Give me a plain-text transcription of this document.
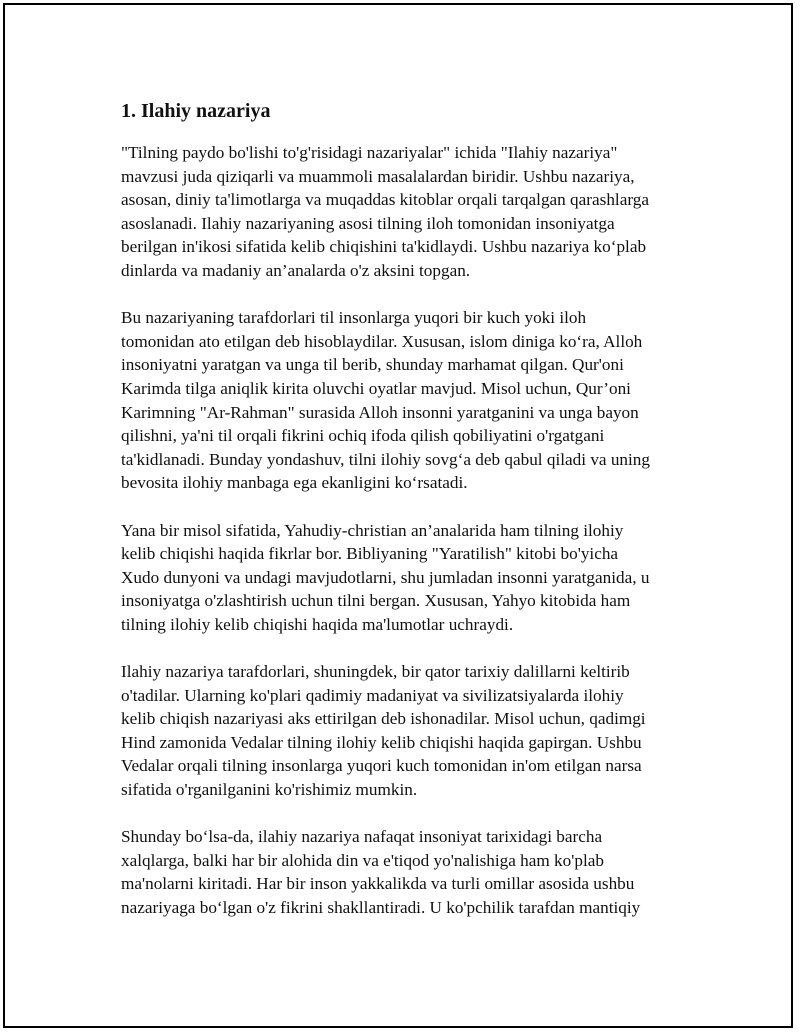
1. Ilahiy nazariya

"Tilning paydo bo'lishi to'g'risidagi nazariyalar" ichida "Ilahiy nazariya"
mavzusi juda qiziqarli va muammoli masalalardan biridir. Ushbu nazariya,
asosan, diniy ta'limotlarga va muqaddas kitoblar orqali tarqalgan qarashlarga
asoslanadi. Ilahiy nazariyaning asosi tilning iloh tomonidan insoniyatga
berilgan in'ikosi sifatida kelib chiqishini ta'kidlaydi. Ushbu nazariya ko‘plab
dinlarda va madaniy an’analarda o'z aksini topgan.

Bu nazariyaning tarafdorlari til insonlarga yuqori bir kuch yoki iloh
tomonidan ato etilgan deb hisoblaydilar. Xususan, islom diniga ko‘ra, Alloh
insoniyatni yaratgan va unga til berib, shunday marhamat qilgan. Qur'oni
Karimda tilga aniqlik kirita oluvchi oyatlar mavjud. Misol uchun, Qur’oni
Karimning "Ar-Rahman" surasida Alloh insonni yaratganini va unga bayon
qilishni, ya'ni til orqali fikrini ochiq ifoda qilish qobiliyatini o'rgatgani
ta'kidlanadi. Bunday yondashuv, tilni ilohiy sovg‘a deb qabul qiladi va uning
bevosita ilohiy manbaga ega ekanligini ko‘rsatadi.

Yana bir misol sifatida, Yahudiy-christian an’analarida ham tilning ilohiy
kelib chiqishi haqida fikrlar bor. Bibliyaning "Yaratilish" kitobi bo'yicha
Xudo dunyoni va undagi mavjudotlarni, shu jumladan insonni yaratganida, u
insoniyatga o'zlashtirish uchun tilni bergan. Xususan, Yahyo kitobida ham
tilning ilohiy kelib chiqishi haqida ma'lumotlar uchraydi.

Ilahiy nazariya tarafdorlari, shuningdek, bir qator tarixiy dalillarni keltirib
o'tadilar. Ularning ko'plari qadimiy madaniyat va sivilizatsiyalarda ilohiy
kelib chiqish nazariyasi aks ettirilgan deb ishonadilar. Misol uchun, qadimgi
Hind zamonida Vedalar tilning ilohiy kelib chiqishi haqida gapirgan. Ushbu
Vedalar orqali tilning insonlarga yuqori kuch tomonidan in'om etilgan narsa
sifatida o'rganilganini ko'rishimiz mumkin.

Shunday bo‘lsa-da, ilahiy nazariya nafaqat insoniyat tarixidagi barcha
xalqlarga, balki har bir alohida din va e'tiqod yo'nalishiga ham ko'plab
ma'nolarni kiritadi. Har bir inson yakkalikda va turli omillar asosida ushbu
nazariyaga bo‘lgan o'z fikrini shakllantiradi. U ko'pchilik tarafdan mantiqiy
